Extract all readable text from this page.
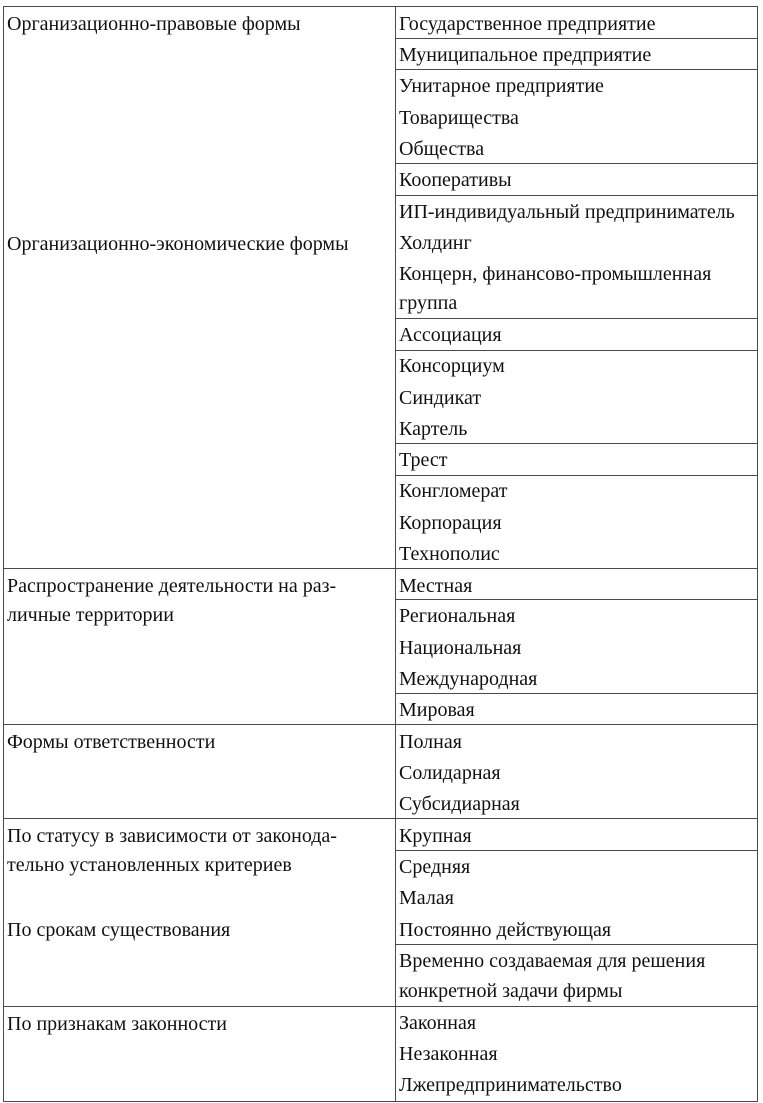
Организационно-правовые формы
Организационно-экономические формы
Распространение деятельности на раз-
личные территории
Формы ответственности
По статусу в зависимости от законода-
тельно установленных критериев
По срокам существования
По признакам законности
Государственное предприятие
Муниципальное предприятие
Унитарное предприятие
Товарищества
Общества
Кооперативы
ИП-индивидуальный предприниматель
Холдинг
Концерн, финансово-промышленная
группа
Ассоциация
Консорциум
Синдикат
Картель
Трест
Конгломерат
Корпорация
Технополис
Местная
Региональная
Национальная
Международная
Мировая
Полная
Солидарная
Субсидиарная
Крупная
Средняя
Малая
Постоянно действующая
Временно создаваемая для решения
конкретной задачи фирмы
Законная
Незаконная
Лжепредпринимательство
